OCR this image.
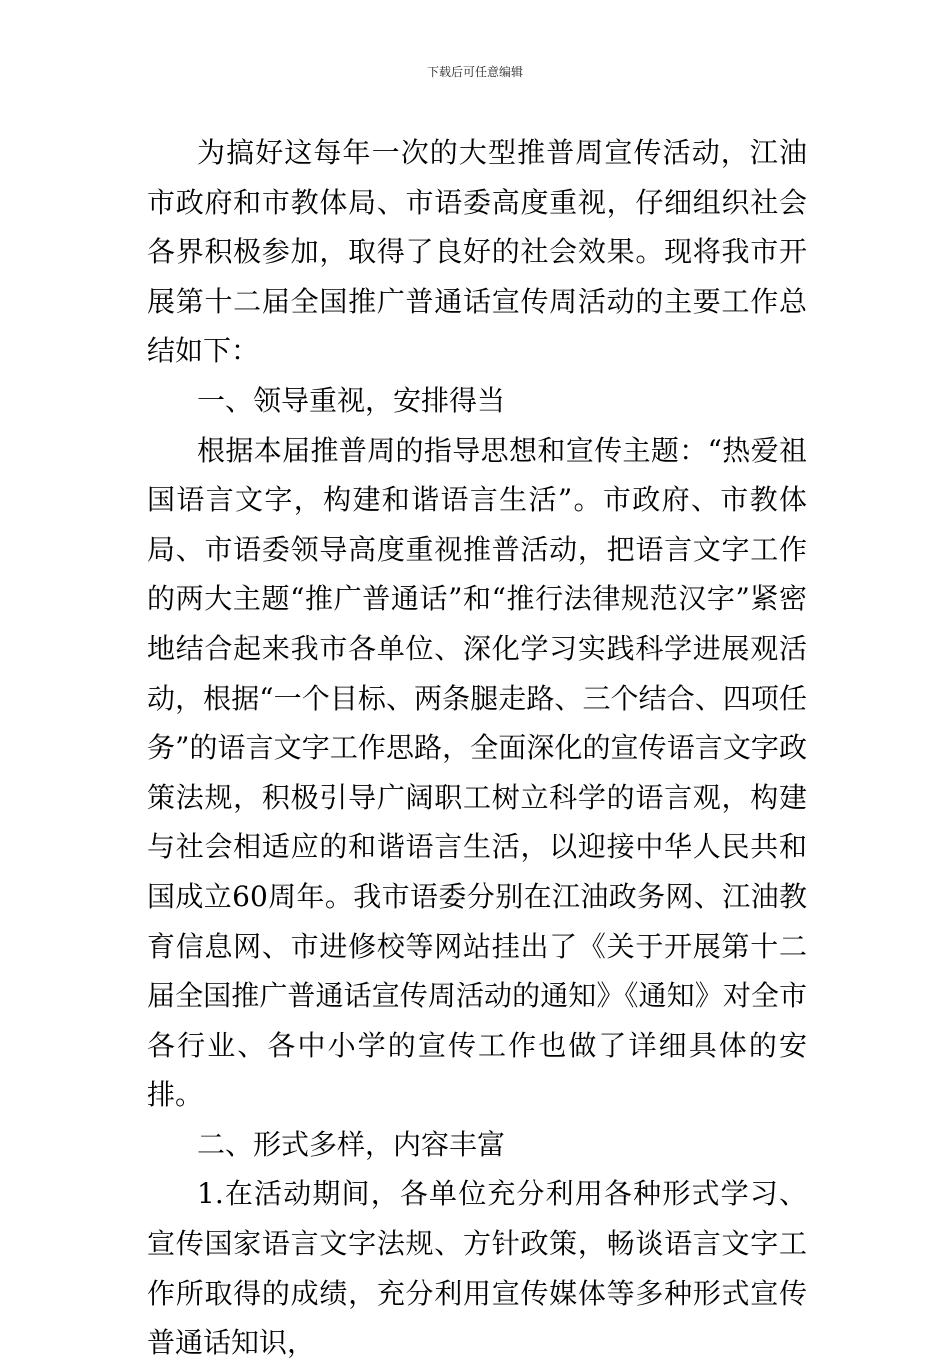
下载后可任意编辑

为搞好这每年一次的大型推普周宣传活动，江油市政府和市教体局、市语委高度重视，仔细组织社会各界积极参加，取得了良好的社会效果。现将我市开展第十二届全国推广普通话宣传周活动的主要工作总结如下：

一、领导重视，安排得当

根据本届推普周的指导思想和宣传主题：“热爱祖国语言文字，构建和谐语言生活”。市政府、市教体局、市语委领导高度重视推普活动，把语言文字工作的两大主题“推广普通话”和“推行法律规范汉字”紧密地结合起来我市各单位、深化学习实践科学进展观活动，根据“一个目标、两条腿走路、三个结合、四项任务”的语言文字工作思路，全面深化的宣传语言文字政策法规，积极引导广阔职工树立科学的语言观，构建与社会相适应的和谐语言生活，以迎接中华人民共和国成立60周年。我市语委分别在江油政务网、江油教育信息网、市进修校等网站挂出了《关于开展第十二届全国推广普通话宣传周活动的通知》《通知》对全市各行业、各中小学的宣传工作也做了详细具体的安排。

二、形式多样，内容丰富

1.在活动期间，各单位充分利用各种形式学习、宣传国家语言文字法规、方针政策，畅谈语言文字工作所取得的成绩，充分利用宣传媒体等多种形式宣传普通话知识，
